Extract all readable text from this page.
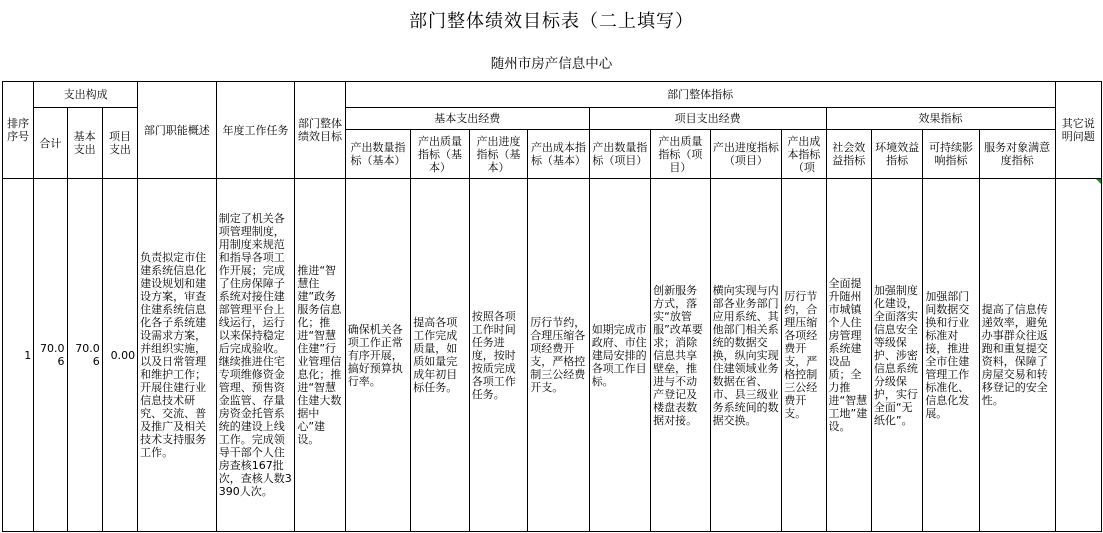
部门整体绩效目标表（二上填写）
随州市房产信息中心
排序序号	支出构成			部门职能概述	年度工作任务	部门整体绩效目标	部门整体指标												其它说明问题
	合计	基本支出	项目支出				基本支出经费				项目支出经费				效果指标				
							产出数量指标（基本）	产出质量指标（基本）	产出进度指标（基本）	产出成本指标（基本）	产出数量指标（项目）	产出质量指标（项目）	产出进度指标（项目）	产出成本指标（项	社会效益指标	环境效益指标	可持续影响指标	服务对象满意度指标	
1	70.06	70.06	0.00	负责拟定市住建系统信息化建设规划和建设方案，审查住建系统信息化各子系统建设需求方案，并组织实施，以及日常管理和维护工作；开展住建行业信息技术研究、交流、普及推广及相关技术支持服务工作。	制定了机关各项管理制度，用制度来规范和指导各项工作开展；完成了住房保障子系统对接住建部管理平台上线运行，运行以来保持稳定后完成验收。继续推进住宅专项维修资金管理、预售资金监管、存量房资金托管系统的建设上线工作。完成领导干部个人住房查核167批次，查核人数3390人次。	推进“智慧住建”政务服务信息化；推进“智慧住建”行业管理信息化；推进“智慧住建大数据中心”建设。	确保机关各项工作正常有序开展，搞好预算执行率。	提高各项工作完成质量，如质如量完成年初目标任务。	按照各项工作时间任务进度，按时按质完成各项工作任务。	厉行节约，合理压缩各项经费开支，严格控制三公经费开支。	如期完成市政府、市住建局安排的各项工作目标。	创新服务方式，落实“放管服”改革要求；消除信息共享壁垒，推进与不动产登记及楼盘表数据对接。	横向实现与内部各业务部门应用系统、其他部门相关系统的数据交换，纵向实现住建领域业务数据在省、市、县三级业务系统间的数据交换。	厉行节约，合理压缩各项经费开支，严格控制三公经费开支。	全面提升随州市城镇个人住房管理系统建设品质；全力推进“智慧工地”建设。	加强制度化建设，全面落实信息安全等级保护、涉密信息系统分级保护，实行全面“无纸化”。	加强部门间数据交换和行业标准对接，推进全市住建管理工作标准化、信息化发展。	提高了信息传递效率，避免办事群众往返跑和重复提交资料，保障了房屋交易和转移登记的安全性。	
